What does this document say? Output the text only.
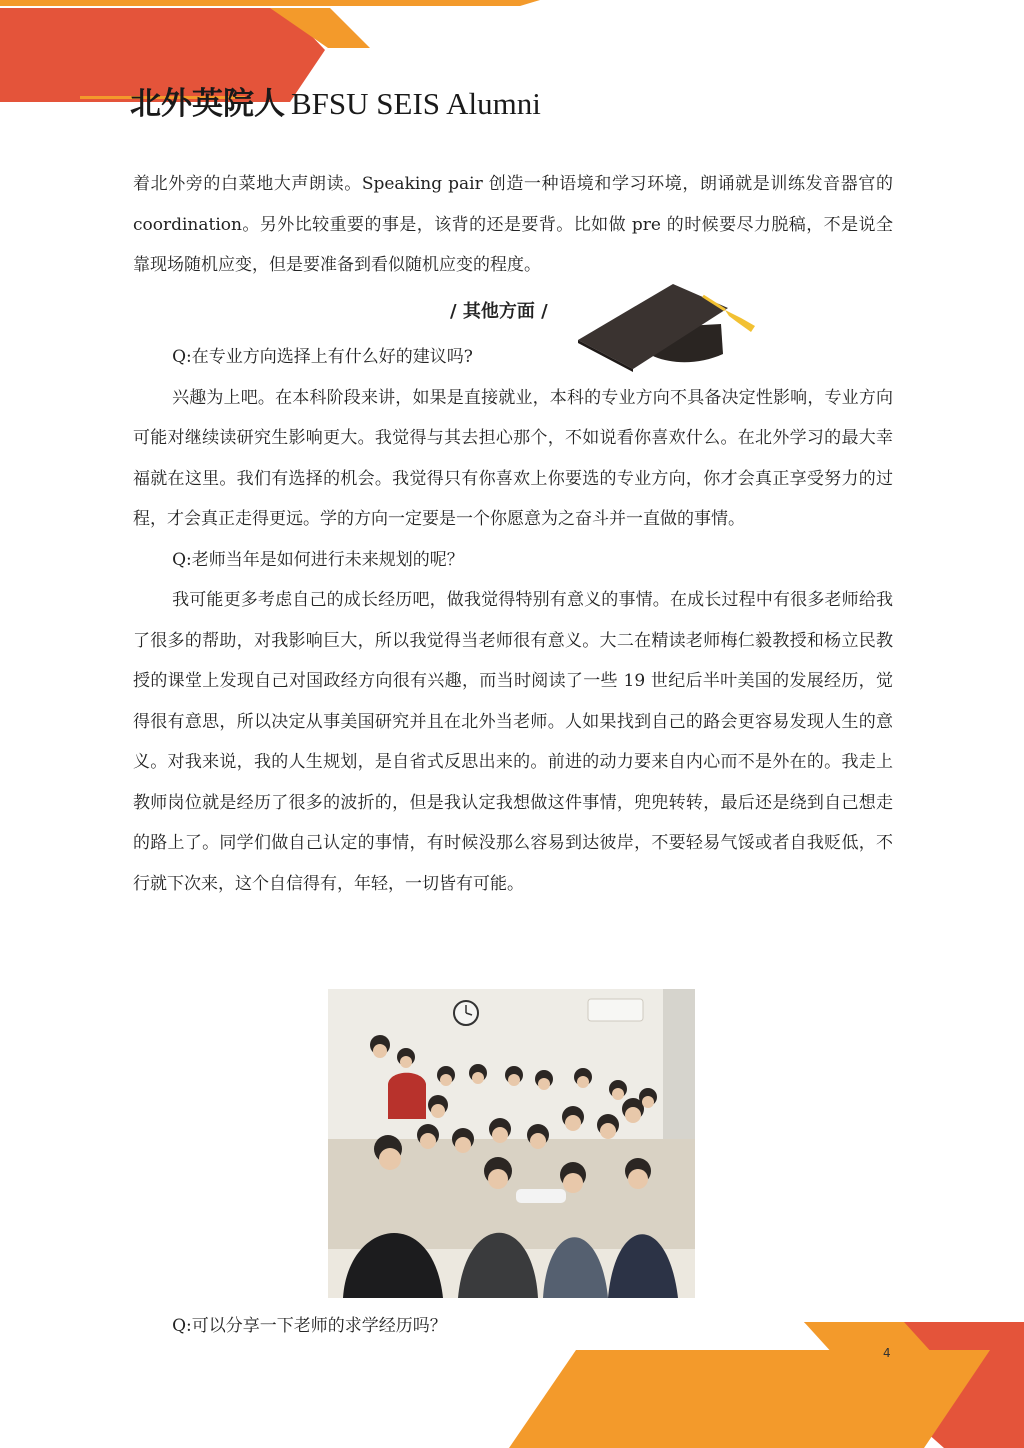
北外英院人 BFSU SEIS Alumni

着北外旁的白菜地大声朗读。Speaking pair 创造一种语境和学习环境，朗诵就是训练发音器官的 coordination。另外比较重要的事是，该背的还是要背。比如做 pre 的时候要尽力脱稿，不是说全靠现场随机应变，但是要准备到看似随机应变的程度。

/ 其他方面 /

Q:在专业方向选择上有什么好的建议吗?

兴趣为上吧。在本科阶段来讲，如果是直接就业，本科的专业方向不具备决定性影响，专业方向可能对继续读研究生影响更大。我觉得与其去担心那个，不如说看你喜欢什么。在北外学习的最大幸福就在这里。我们有选择的机会。我觉得只有你喜欢上你要选的专业方向，你才会真正享受努力的过程，才会真正走得更远。学的方向一定要是一个你愿意为之奋斗并一直做的事情。

Q:老师当年是如何进行未来规划的呢？

我可能更多考虑自己的成长经历吧，做我觉得特别有意义的事情。在成长过程中有很多老师给我了很多的帮助，对我影响巨大，所以我觉得当老师很有意义。大二在精读老师梅仁毅教授和杨立民教授的课堂上发现自己对国政经方向很有兴趣，而当时阅读了一些 19 世纪后半叶美国的发展经历，觉得很有意思，所以决定从事美国研究并且在北外当老师。人如果找到自己的路会更容易发现人生的意义。对我来说，我的人生规划，是自省式反思出来的。前进的动力要来自内心而不是外在的。我走上教师岗位就是经历了很多的波折的，但是我认定我想做这件事情，兜兜转转，最后还是绕到自己想走的路上了。同学们做自己认定的事情，有时候没那么容易到达彼岸，不要轻易气馁或者自我贬低，不行就下次来，这个自信得有，年轻，一切皆有可能。

Q:可以分享一下老师的求学经历吗？

4
